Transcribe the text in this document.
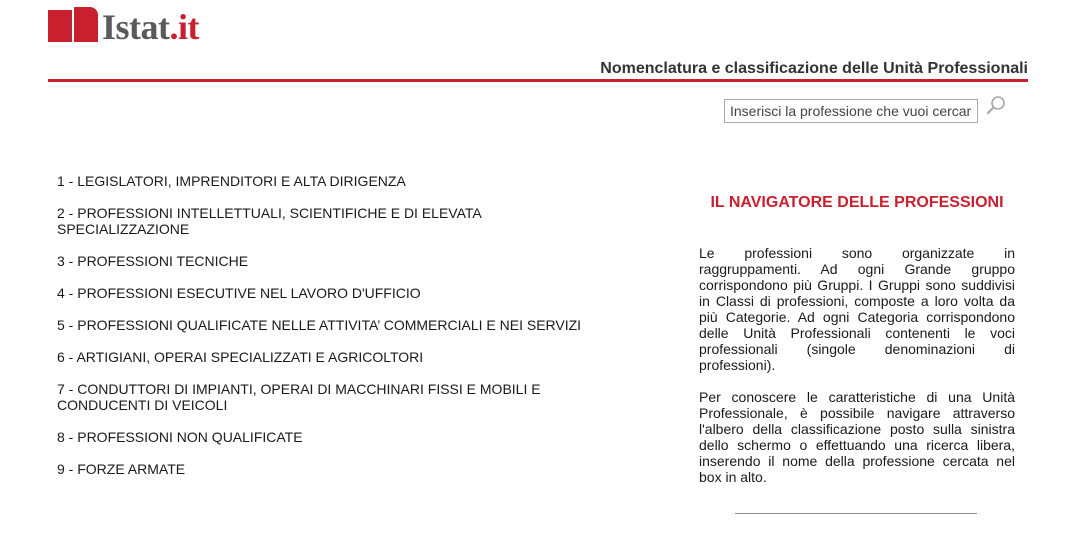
Istat.it
Nomenclatura e classificazione delle Unità Professionali
Inserisci la professione che vuoi cercare
1 - LEGISLATORI, IMPRENDITORI E ALTA DIRIGENZA
2 - PROFESSIONI INTELLETTUALI, SCIENTIFICHE E DI ELEVATA SPECIALIZZAZIONE
3 - PROFESSIONI TECNICHE
4 - PROFESSIONI ESECUTIVE NEL LAVORO D'UFFICIO
5 - PROFESSIONI QUALIFICATE NELLE ATTIVITA’ COMMERCIALI E NEI SERVIZI
6 - ARTIGIANI, OPERAI SPECIALIZZATI E AGRICOLTORI
7 - CONDUTTORI DI IMPIANTI, OPERAI DI MACCHINARI FISSI E MOBILI E CONDUCENTI DI VEICOLI
8 - PROFESSIONI NON QUALIFICATE
9 - FORZE ARMATE
IL NAVIGATORE DELLE PROFESSIONI

Le professioni sono organizzate in raggruppamenti. Ad ogni Grande gruppo corrispondono più Gruppi. I Gruppi sono suddivisi in Classi di professioni, composte a loro volta da più Categorie. Ad ogni Categoria corrispondono delle Unità Professionali contenenti le voci professionali (singole denominazioni di professioni).

Per conoscere le caratteristiche di una Unità Professionale, è possibile navigare attraverso l'albero della classificazione posto sulla sinistra dello schermo o effettuando una ricerca libera, inserendo il nome della professione cercata nel box in alto.
